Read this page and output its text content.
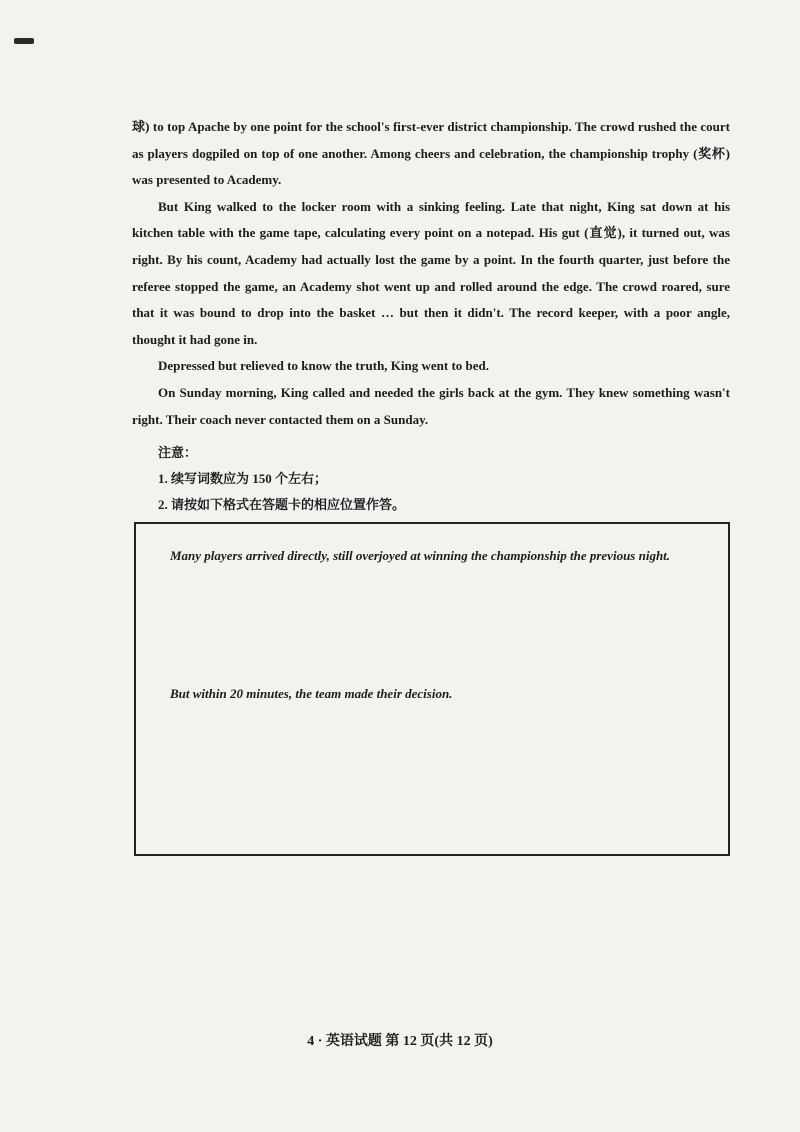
球) to top Apache by one point for the school's first-ever district championship. The crowd rushed the court as players dogpiled on top of one another. Among cheers and celebration, the championship trophy (奖杯) was presented to Academy.

But King walked to the locker room with a sinking feeling. Late that night, King sat down at his kitchen table with the game tape, calculating every point on a notepad. His gut (直觉), it turned out, was right. By his count, Academy had actually lost the game by a point. In the fourth quarter, just before the referee stopped the game, an Academy shot went up and rolled around the edge. The crowd roared, sure that it was bound to drop into the basket … but then it didn't. The record keeper, with a poor angle, thought it had gone in.

Depressed but relieved to know the truth, King went to bed.

On Sunday morning, King called and needed the girls back at the gym. They knew something wasn't right. Their coach never contacted them on a Sunday.

注意：
1. 续写词数应为 150 个左右；
2. 请按如下格式在答题卡的相应位置作答。
Many players arrived directly, still overjoyed at winning the championship the previous night.
But within 20 minutes, the team made their decision.
4 · 英语试题 第 12 页(共 12 页)
